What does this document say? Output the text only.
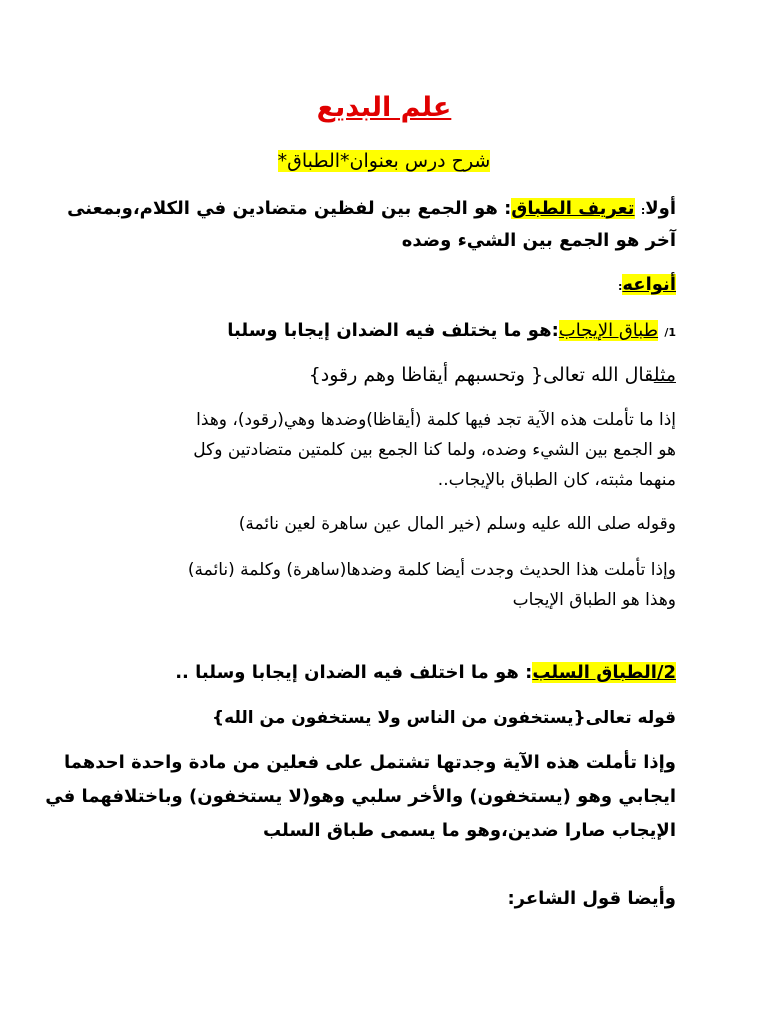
علم البديع
شرح درس بعنوان*الطباق*
أولا: تعريف الطباق: هو الجمع بين لفظين متضادين في الكلام،وبمعنى
آخر هو الجمع بين الشيء وضده
أنواعه:
1/ طباق الإيجاب:هو ما يختلف فيه الضدان إيجابا وسلبا
مثلقال الله تعالى{ وتحسبهم أيقاظا وهم رقود}
إذا ما تأملت هذه الآية تجد فيها كلمة (أيقاظا)وضدها وهي(رقود)، وهذا
هو الجمع بين الشيء وضده، ولما كنا الجمع بين كلمتين متضادتين وكل
منهما مثبته، كان الطباق بالإيجاب..
وقوله صلى الله عليه وسلم (خير المال عين ساهرة لعين نائمة)
وإذا تأملت هذا الحديث وجدت أيضا كلمة وضدها(ساهرة) وكلمة (نائمة)
وهذا هو الطباق الإيجاب
2/الطباق السلب: هو ما اختلف فيه الضدان إيجابا وسلبا ..
قوله تعالى{يستخفون من الناس ولا يستخفون من الله}
وإذا تأملت هذه الآية وجدتها تشتمل على فعلين من مادة واحدة احدهما
ايجابي وهو (يستخفون) والأخر سلبي وهو(لا يستخفون) وباختلافهما في
الإيجاب صارا ضدين،وهو ما يسمى طباق السلب
وأيضا قول الشاعر:
